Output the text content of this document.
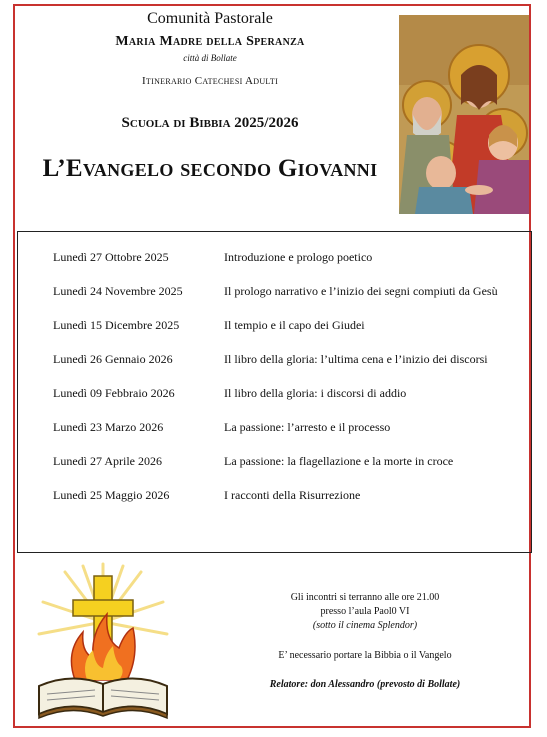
Comunità Pastorale
Maria Madre della Speranza
città di Bollate
Itinerario Catechesi Adulti
Scuola di Bibbia 2025/2026
L’Evangelo secondo Giovanni
Lunedì 27 Ottobre 2025	Introduzione e prologo poetico
Lunedì 24 Novembre 2025	Il prologo narrativo e l’inizio dei segni compiuti da Gesù
Lunedì 15 Dicembre 2025	Il tempio e il capo dei Giudei
Lunedì 26 Gennaio 2026	Il libro della gloria: l’ultima cena e l’inizio dei discorsi
Lunedì 09 Febbraio 2026	Il libro della gloria: i discorsi di addio
Lunedì 23 Marzo 2026	La passione: l’arresto e il processo
Lunedì 27 Aprile 2026	La passione: la flagellazione e la morte in croce
Lunedì 25 Maggio 2026	I racconti della Risurrezione
Gli incontri si terranno alle ore 21.00
presso l’aula Paol0 VI
(sotto il cinema Splendor)
E’ necessario portare la Bibbia o il Vangelo
Relatore: don Alessandro (prevosto di Bollate)
